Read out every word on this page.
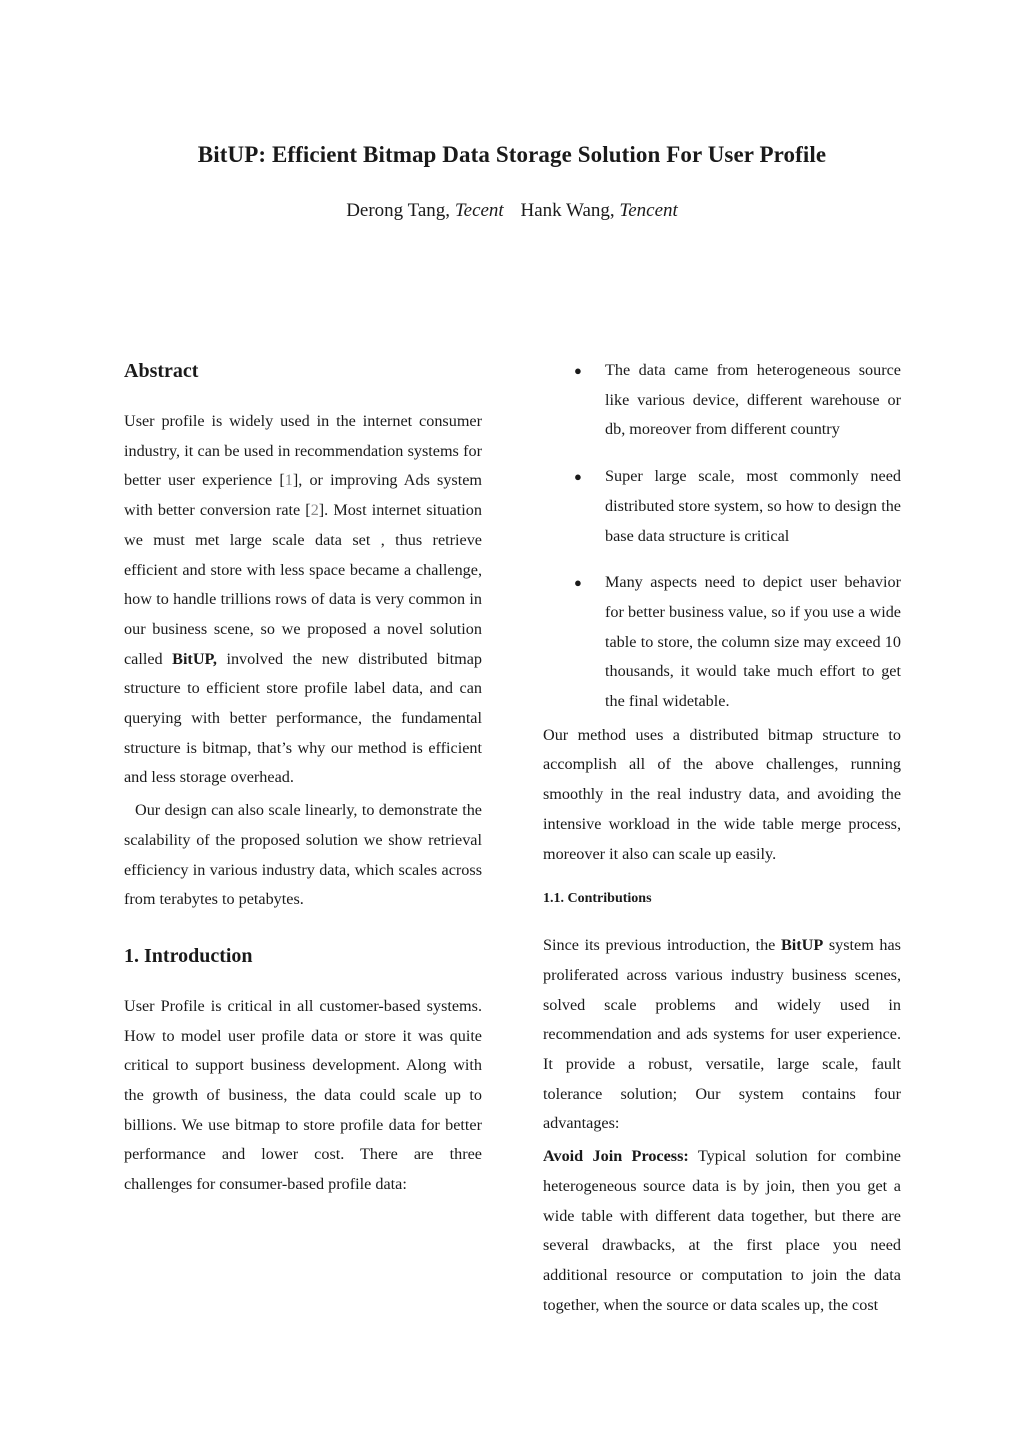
BitUP: Efficient Bitmap Data Storage Solution For User Profile

Derong Tang, Tecent Hank Wang, Tencent

Abstract

User profile is widely used in the internet consumer industry, it can be used in recommendation systems for better user experience [1], or improving Ads system with better conversion rate [2]. Most internet situation we must met large scale data set , thus retrieve efficient and store with less space became a challenge, how to handle trillions rows of data is very common in our business scene, so we proposed a novel solution called BitUP, involved the new distributed bitmap structure to efficient store profile label data, and can querying with better performance, the fundamental structure is bitmap, that’s why our method is efficient and less storage overhead.

Our design can also scale linearly, to demonstrate the scalability of the proposed solution we show retrieval efficiency in various industry data, which scales across from terabytes to petabytes.

1. Introduction

User Profile is critical in all customer-based systems. How to model user profile data or store it was quite critical to support business development. Along with the growth of business, the data could scale up to billions. We use bitmap to store profile data for better performance and lower cost. There are three challenges for consumer-based profile data:

● The data came from heterogeneous source like various device, different warehouse or db, moreover from different country
● Super large scale, most commonly need distributed store system, so how to design the base data structure is critical
● Many aspects need to depict user behavior for better business value, so if you use a wide table to store, the column size may exceed 10 thousands, it would take much effort to get the final widetable.

Our method uses a distributed bitmap structure to accomplish all of the above challenges, running smoothly in the real industry data, and avoiding the intensive workload in the wide table merge process, moreover it also can scale up easily.

1.1. Contributions

Since its previous introduction, the BitUP system has proliferated across various industry business scenes, solved scale problems and widely used in recommendation and ads systems for user experience. It provide a robust, versatile, large scale, fault tolerance solution; Our system contains four advantages:

Avoid Join Process: Typical solution for combine heterogeneous source data is by join, then you get a wide table with different data together, but there are several drawbacks, at the first place you need additional resource or computation to join the data together, when the source or data scales up, the cost
